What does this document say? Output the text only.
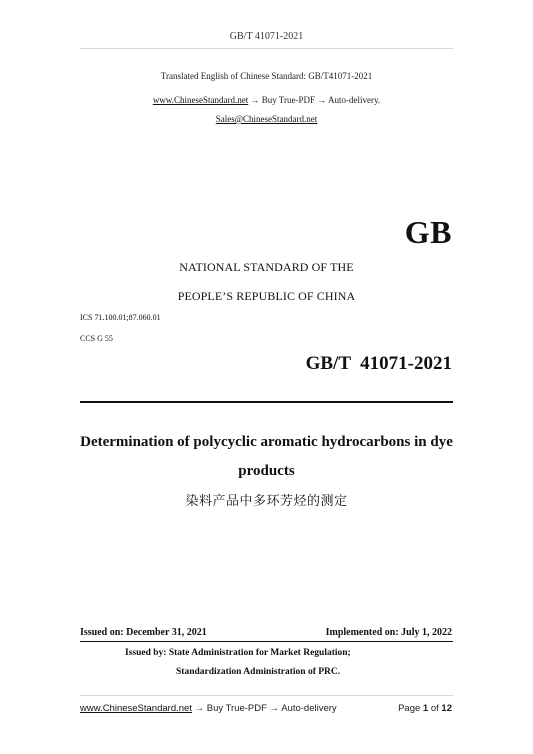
GB/T 41071-2021
Translated English of Chinese Standard: GB/T41071-2021
www.ChineseStandard.net → Buy True-PDF → Auto-delivery.
Sales@ChineseStandard.net
GB
NATIONAL STANDARD OF THE
PEOPLE’S REPUBLIC OF CHINA
ICS 71.100.01;87.060.01
CCS G 55
GB/T  41071-2021
Determination of polycyclic aromatic hydrocarbons in dye
products
染料产品中多环芳烃的测定
Issued on: December 31, 2021	Implemented on: July 1, 2022
Issued by: State Administration for Market Regulation;
Standardization Administration of PRC.
www.ChineseStandard.net → Buy True-PDF → Auto-delivery	Page 1 of 12
